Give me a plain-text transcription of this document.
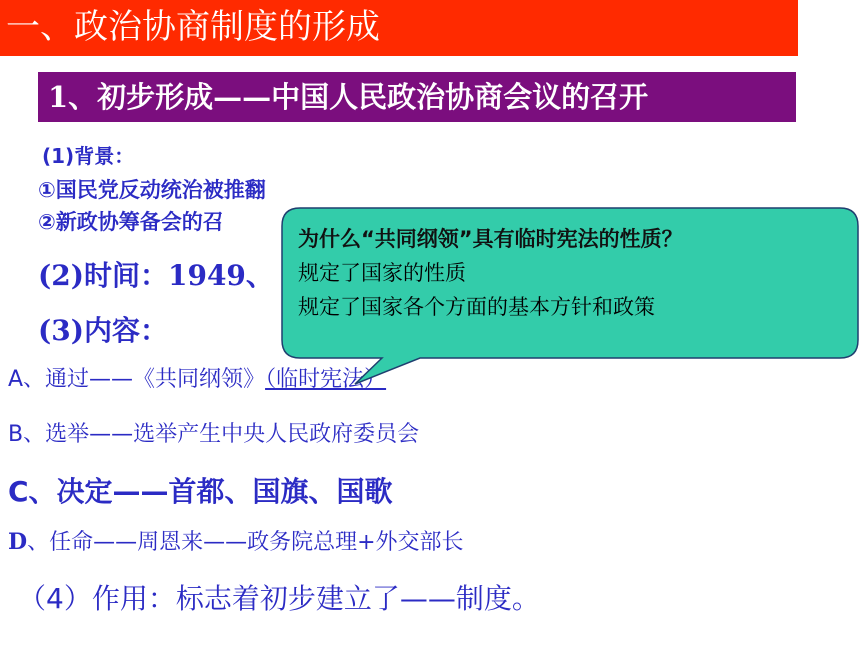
一、政治协商制度的形成
1、初步形成——中国人民政治协商会议的召开
(1)背景：
①国民党反动统治被推翻
②新政协筹备会的召
(2)时间：1949、
(3)内容：
A、通过——《共同纲领》（临时宪法）
B、选举——选举产生中央人民政府委员会
C、决定——首都、国旗、国歌
D、任命——周恩来——政务院总理+外交部长
（4）作用：标志着初步建立了——制度。
为什么“共同纲领”具有临时宪法的性质？
规定了国家的性质
规定了国家各个方面的基本方针和政策
